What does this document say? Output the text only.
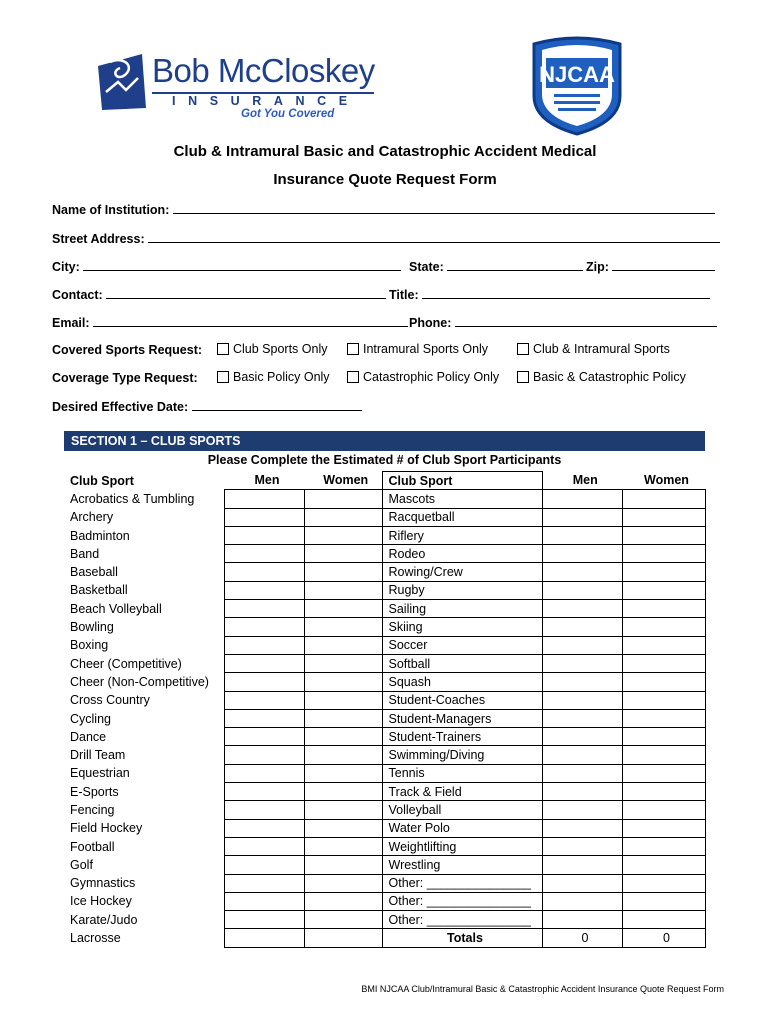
Bob McCloskey
INSURANCE
Got You Covered
NJCAA
Club & Intramural Basic and Catastrophic Accident Medical
Insurance Quote Request Form
Name of Institution:
Street Address:
City:	State:	Zip:
Contact:	Title:
Email:	Phone:
Covered Sports Request: Club Sports Only	Intramural Sports Only	Club & Intramural Sports
Coverage Type Request:	Basic Policy Only	Catastrophic Policy Only	Basic & Catastrophic Policy
Desired Effective Date:
SECTION 1 – CLUB SPORTS
Please Complete the Estimated # of Club Sport Participants
Club Sport	Men	Women	Club Sport	Men	Women
Acrobatics & Tumbling			Mascots		
Archery			Racquetball		
Badminton			Riflery		
Band			Rodeo		
Baseball			Rowing/Crew		
Basketball			Rugby		
Beach Volleyball			Sailing		
Bowling			Skiing		
Boxing			Soccer		
Cheer (Competitive)			Softball		
Cheer (Non-Competitive)			Squash		
Cross Country			Student-Coaches		
Cycling			Student-Managers		
Dance			Student-Trainers		
Drill Team			Swimming/Diving		
Equestrian			Tennis		
E-Sports			Track & Field		
Fencing			Volleyball		
Field Hockey			Water Polo		
Football			Weightlifting		
Golf			Wrestling		
Gymnastics			Other: _______________		
Ice Hockey			Other: _______________		
Karate/Judo			Other: _______________		
Lacrosse			Totals	0	0
BMI NJCAA Club/Intramural Basic & Catastrophic Accident Insurance Quote Request Form
